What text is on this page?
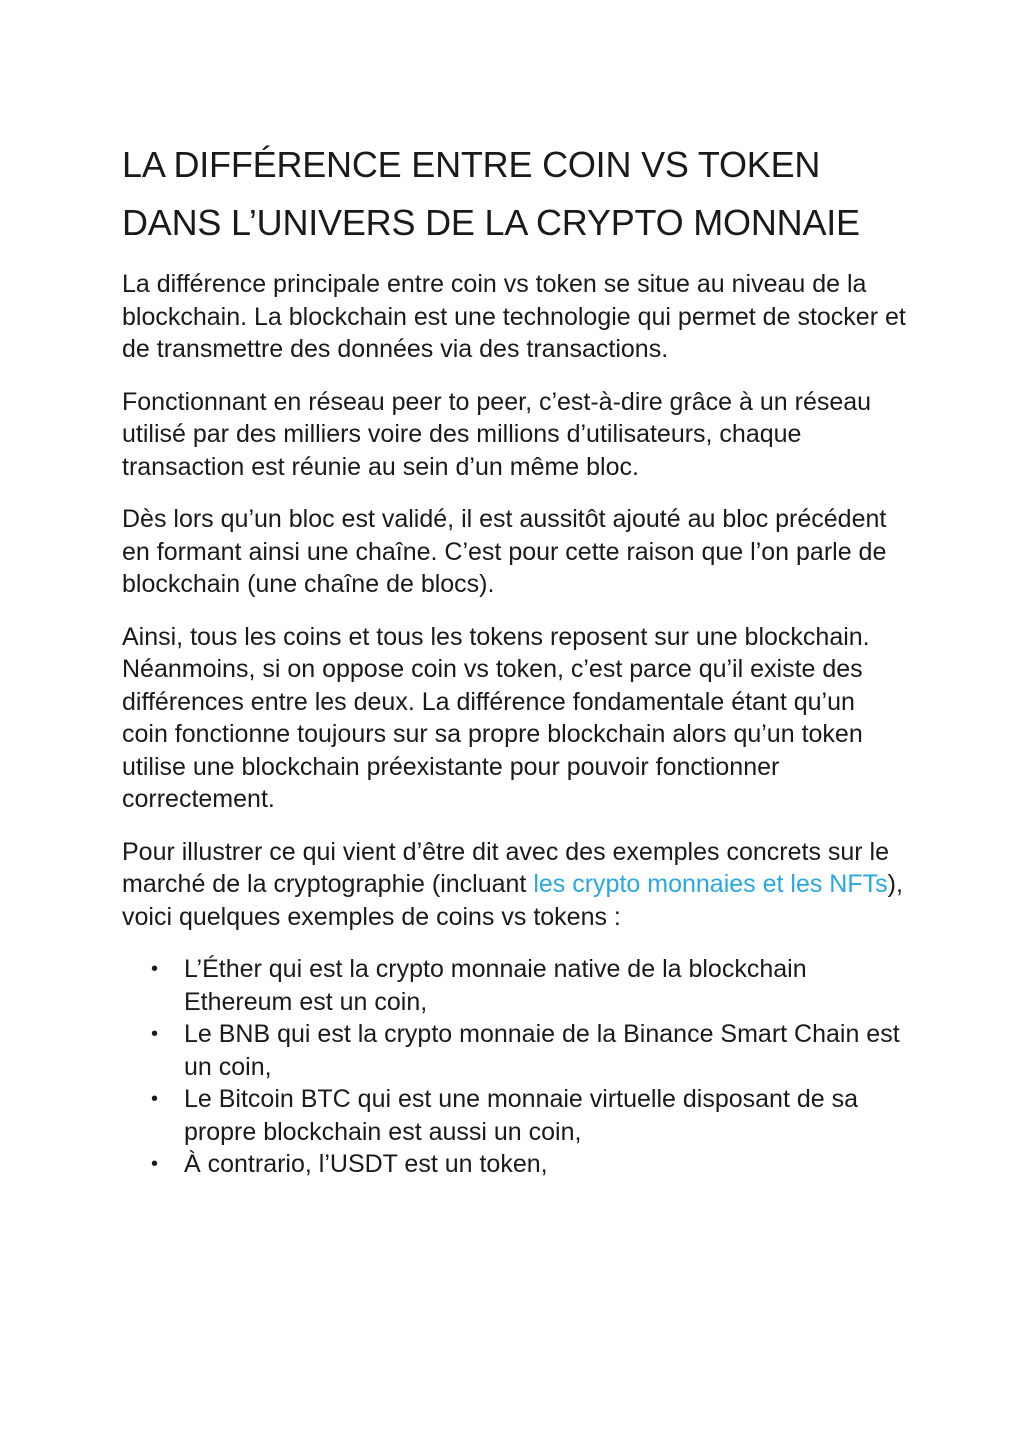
LA DIFFÉRENCE ENTRE COIN VS TOKEN DANS L’UNIVERS DE LA CRYPTO MONNAIE

La différence principale entre coin vs token se situe au niveau de la blockchain. La blockchain est une technologie qui permet de stocker et de transmettre des données via des transactions.

Fonctionnant en réseau peer to peer, c’est-à-dire grâce à un réseau utilisé par des milliers voire des millions d’utilisateurs, chaque transaction est réunie au sein d’un même bloc.

Dès lors qu’un bloc est validé, il est aussitôt ajouté au bloc précédent en formant ainsi une chaîne. C’est pour cette raison que l’on parle de blockchain (une chaîne de blocs).

Ainsi, tous les coins et tous les tokens reposent sur une blockchain. Néanmoins, si on oppose coin vs token, c’est parce qu’il existe des différences entre les deux. La différence fondamentale étant qu’un coin fonctionne toujours sur sa propre blockchain alors qu’un token utilise une blockchain préexistante pour pouvoir fonctionner correctement.

Pour illustrer ce qui vient d’être dit avec des exemples concrets sur le marché de la cryptographie (incluant les crypto monnaies et les NFTs), voici quelques exemples de coins vs tokens :

• L’Éther qui est la crypto monnaie native de la blockchain Ethereum est un coin,
• Le BNB qui est la crypto monnaie de la Binance Smart Chain est un coin,
• Le Bitcoin BTC qui est une monnaie virtuelle disposant de sa propre blockchain est aussi un coin,
• À contrario, l’USDT est un token,
